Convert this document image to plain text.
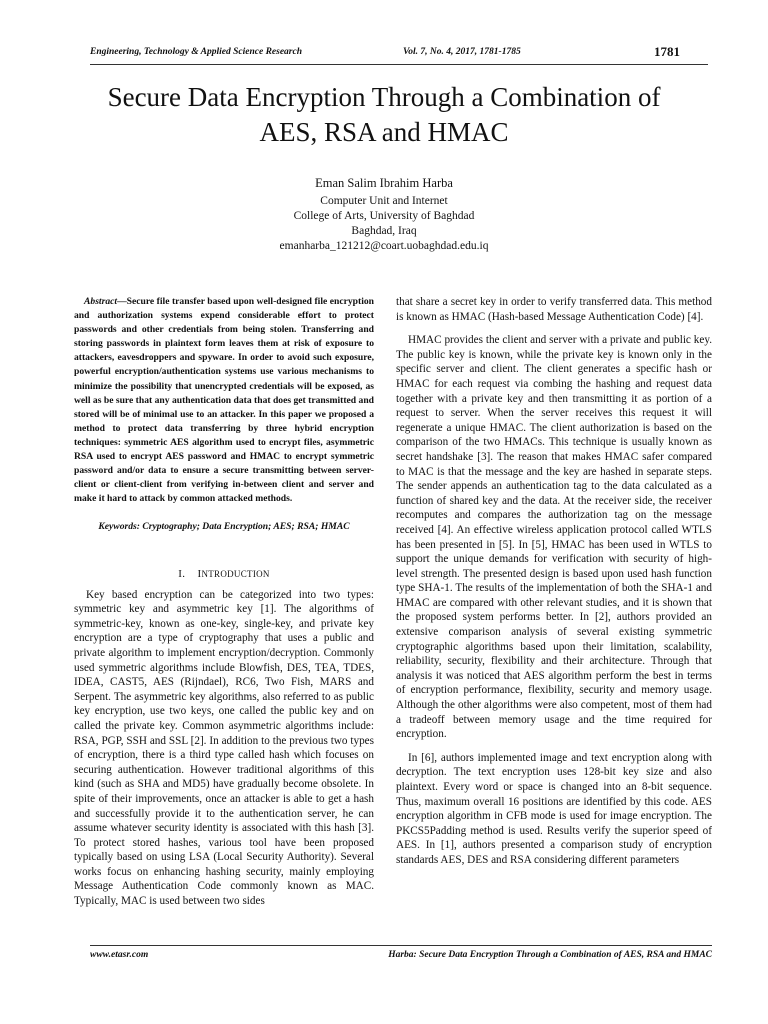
Engineering, Technology & Applied Science Research	Vol. 7, No. 4, 2017, 1781-1785	1781
Secure Data Encryption Through a Combination of
AES, RSA and HMAC
Eman Salim Ibrahim Harba
Computer Unit and Internet
College of Arts, University of Baghdad
Baghdad, Iraq
emanharba_121212@coart.uobaghdad.edu.iq

Abstract—Secure file transfer based upon well-designed file encryption and authorization systems expend considerable effort to protect passwords and other credentials from being stolen. Transferring and storing passwords in plaintext form leaves them at risk of exposure to attackers, eavesdroppers and spyware. In order to avoid such exposure, powerful encryption/authentication systems use various mechanisms to minimize the possibility that unencrypted credentials will be exposed, as well as be sure that any authentication data that does get transmitted and stored will be of minimal use to an attacker. In this paper we proposed a method to protect data transferring by three hybrid encryption techniques: symmetric AES algorithm used to encrypt files, asymmetric RSA used to encrypt AES password and HMAC to encrypt symmetric password and/or data to ensure a secure transmitting between server-client or client-client from verifying in-between client and server and make it hard to attack by common attacked methods.

Keywords: Cryptography; Data Encryption; AES; RSA; HMAC

I. INTRODUCTION

Key based encryption can be categorized into two types: symmetric key and asymmetric key [1]. The algorithms of symmetric-key, known as one-key, single-key, and private key encryption are a type of cryptography that uses a public and private algorithm to implement encryption/decryption. Commonly used symmetric algorithms include Blowfish, DES, TEA, TDES, IDEA, CAST5, AES (Rijndael), RC6, Two Fish, MARS and Serpent. The asymmetric key algorithms, also referred to as public key encryption, use two keys, one called the public key and on called the private key. Common asymmetric algorithms include: RSA, PGP, SSH and SSL [2]. In addition to the previous two types of encryption, there is a third type called hash which focuses on securing authentication. However traditional algorithms of this kind (such as SHA and MD5) have gradually become obsolete. In spite of their improvements, once an attacker is able to get a hash and successfully provide it to the authentication server, he can assume whatever security identity is associated with this hash [3]. To protect stored hashes, various tool have been proposed typically based on using LSA (Local Security Authority). Several works focus on enhancing hashing security, mainly employing Message Authentication Code commonly known as MAC. Typically, MAC is used between two sides

that share a secret key in order to verify transferred data. This method is known as HMAC (Hash-based Message Authentication Code) [4].

HMAC provides the client and server with a private and public key. The public key is known, while the private key is known only in the specific server and client. The client generates a specific hash or HMAC for each request via combing the hashing and request data together with a private key and then transmitting it as portion of a request to server. When the server receives this request it will regenerate a unique HMAC. The client authorization is based on the comparison of the two HMACs. This technique is usually known as secret handshake [3]. The reason that makes HMAC safer compared to MAC is that the message and the key are hashed in separate steps. The sender appends an authentication tag to the data calculated as a function of shared key and the data. At the receiver side, the receiver recomputes and compares the authorization tag on the message received [4]. An effective wireless application protocol called WTLS has been presented in [5]. In [5], HMAC has been used in WTLS to support the unique demands for verification with security of high-level strength. The presented design is based upon used hash function type SHA-1. The results of the implementation of both the SHA-1 and HMAC are compared with other relevant studies, and it is shown that the proposed system performs better. In [2], authors provided an extensive comparison analysis of several existing symmetric cryptographic algorithms based upon their limitation, scalability, reliability, security, flexibility and their architecture. Through that analysis it was noticed that AES algorithm perform the best in terms of encryption performance, flexibility, security and memory usage. Although the other algorithms were also competent, most of them had a tradeoff between memory usage and the time required for encryption.

In [6], authors implemented image and text encryption along with decryption. The text encryption uses 128-bit key size and also plaintext. Every word or space is changed into an 8-bit sequence. Thus, maximum overall 16 positions are identified by this code. AES encryption algorithm in CFB mode is used for image encryption. The PKCS5Padding method is used. Results verify the superior speed of AES. In [1], authors presented a comparison study of encryption standards AES, DES and RSA considering different parameters

www.etasr.com	Harba: Secure Data Encryption Through a Combination of AES, RSA and HMAC
